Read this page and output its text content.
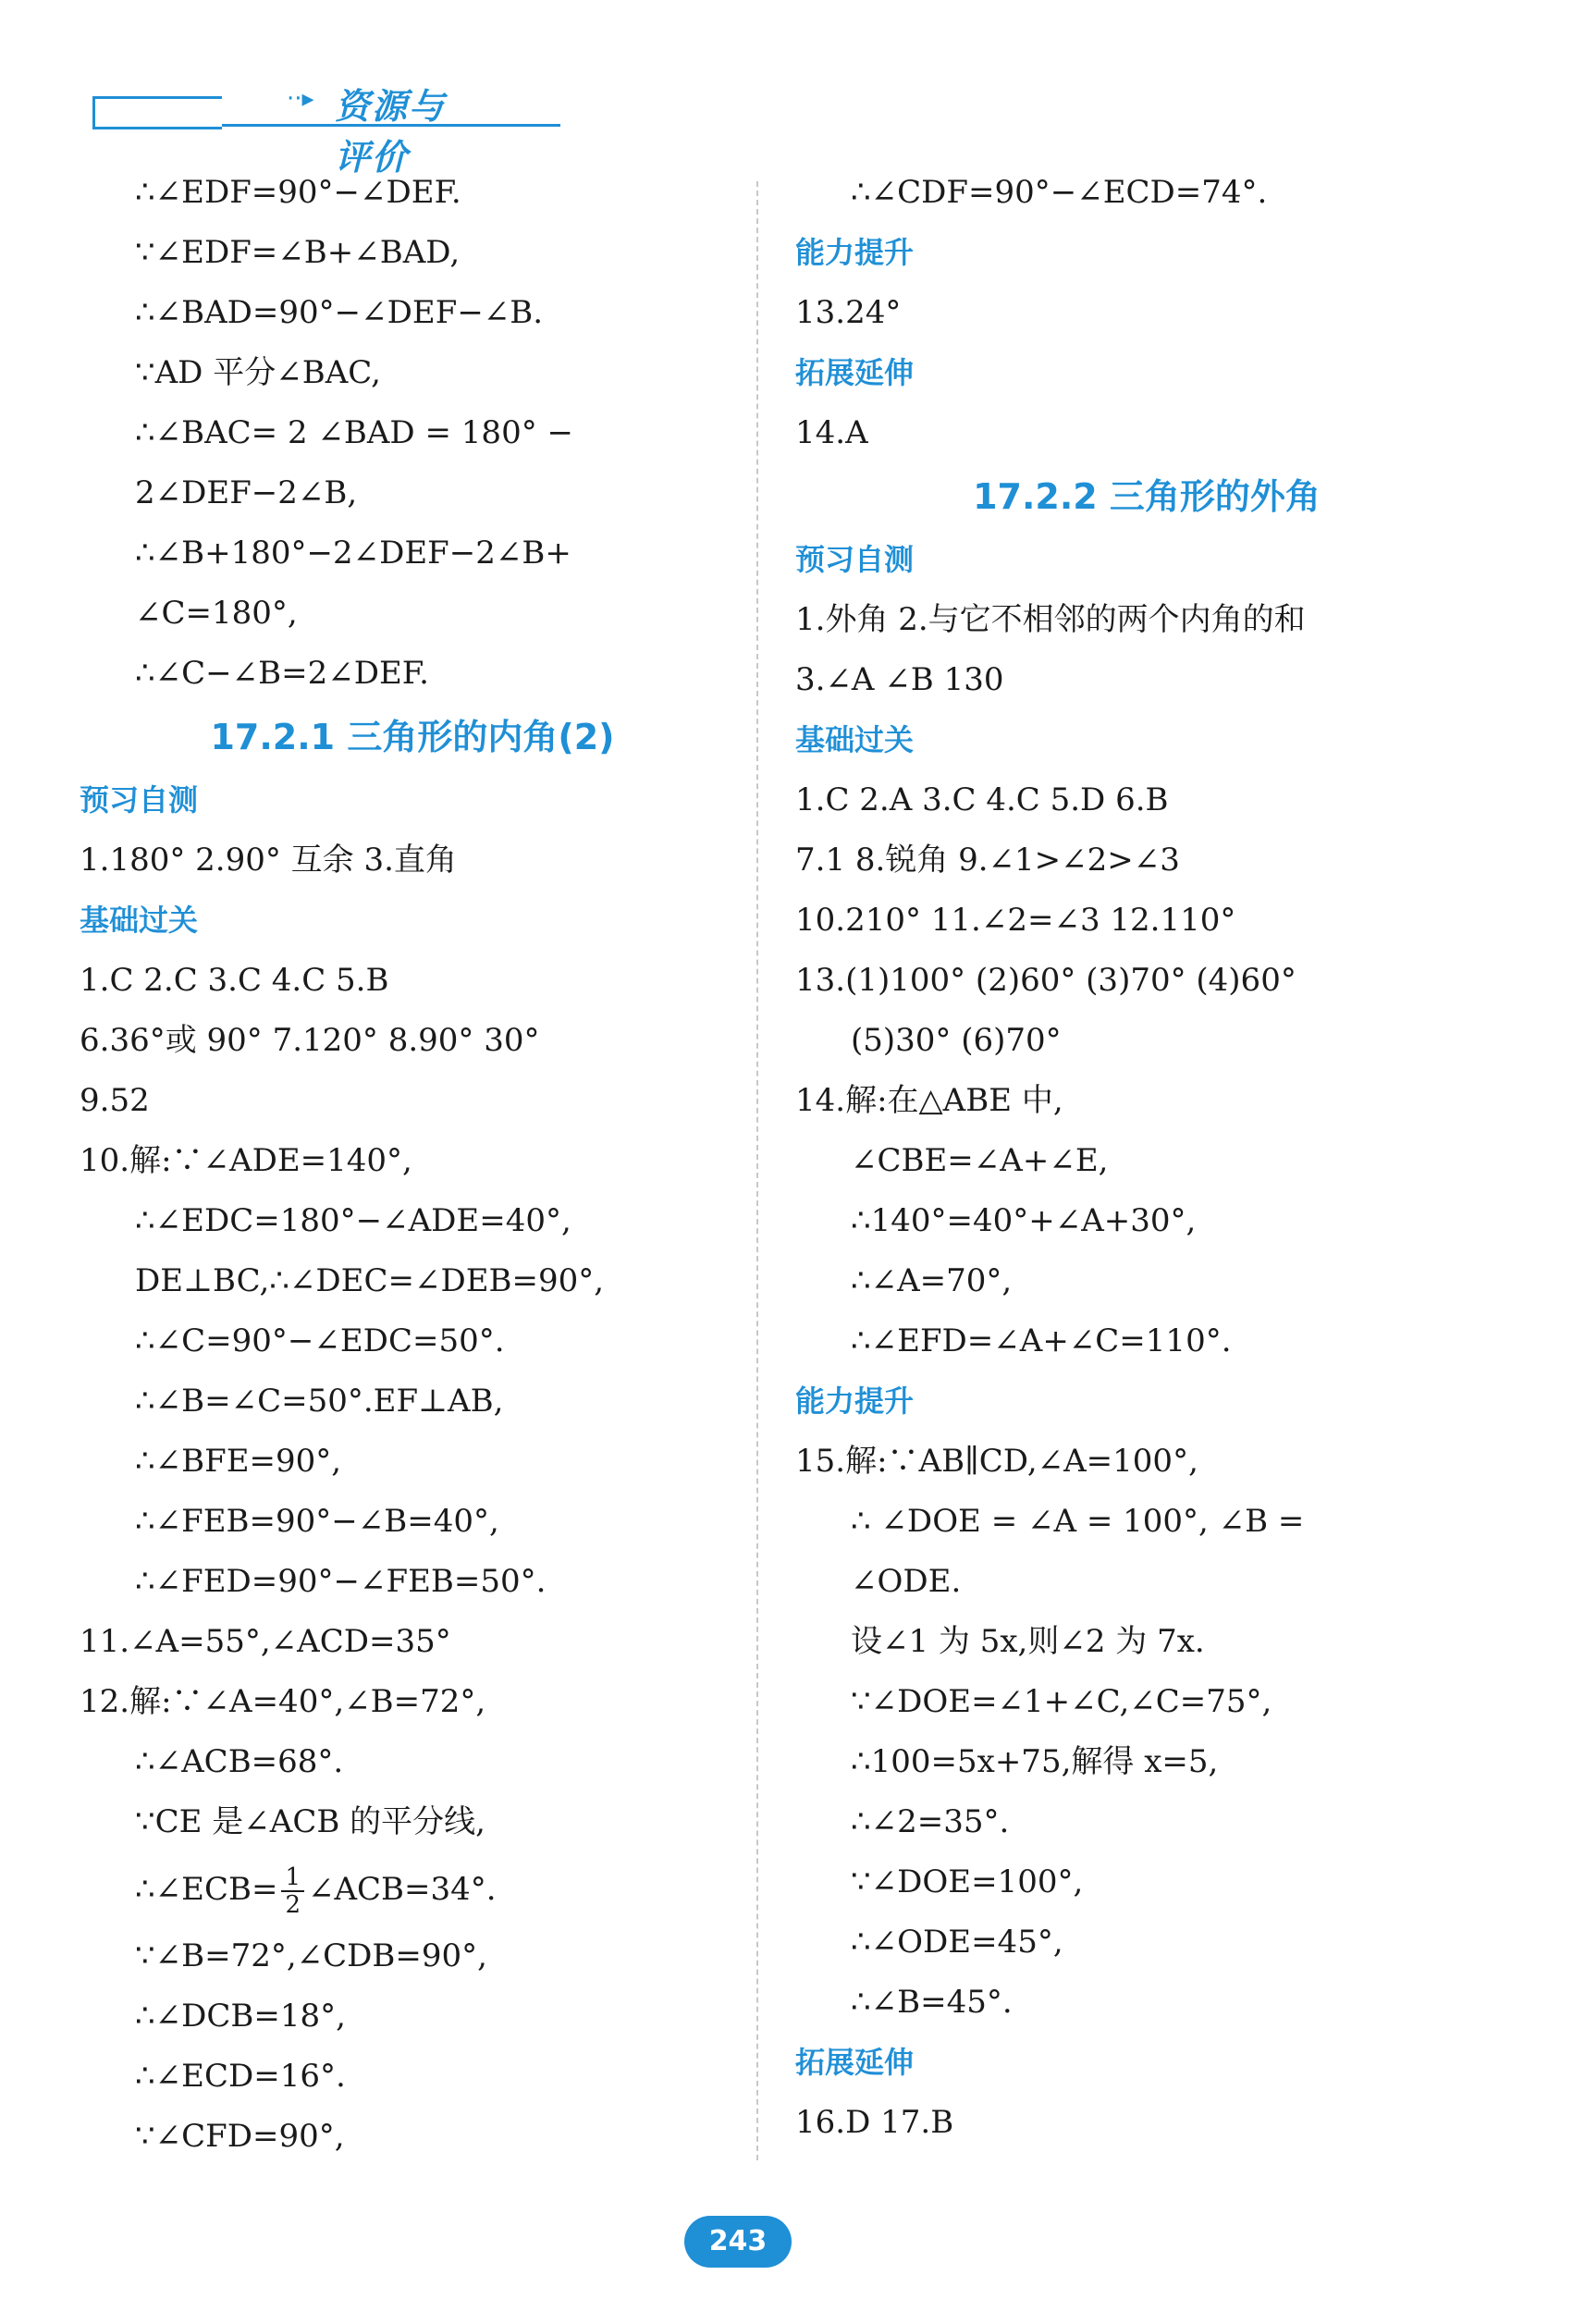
··▸ 资源与评价
∴∠EDF=90°−∠DEF.
∵∠EDF=∠B+∠BAD,
∴∠BAD=90°−∠DEF−∠B.
∵AD 平分∠BAC,
∴∠BAC= 2 ∠BAD = 180° −
2∠DEF−2∠B,
∴∠B+180°−2∠DEF−2∠B+
∠C=180°,
∴∠C−∠B=2∠DEF.
17.2.1 三角形的内角(2)
预习自测
1.180° 2.90° 互余 3.直角
基础过关
1.C 2.C 3.C 4.C 5.B
6.36°或 90° 7.120° 8.90° 30°
9.52
10.解:∵∠ADE=140°,
∴∠EDC=180°−∠ADE=40°,
DE⊥BC,∴∠DEC=∠DEB=90°,
∴∠C=90°−∠EDC=50°.
∴∠B=∠C=50°.EF⊥AB,
∴∠BFE=90°,
∴∠FEB=90°−∠B=40°,
∴∠FED=90°−∠FEB=50°.
11.∠A=55°,∠ACD=35°
12.解:∵∠A=40°,∠B=72°,
∴∠ACB=68°.
∵CE 是∠ACB 的平分线,
∴∠ECB= $\frac{1}{2}$ ∠ACB=34°.
∵∠B=72°,∠CDB=90°,
∴∠DCB=18°,
∴∠ECD=16°.
∵∠CFD=90°,
∴∠CDF=90°−∠ECD=74°.
能力提升
13.24°
拓展延伸
14.A
17.2.2 三角形的外角
预习自测
1.外角 2.与它不相邻的两个内角的和
3.∠A ∠B 130
基础过关
1.C 2.A 3.C 4.C 5.D 6.B
7.1 8.锐角 9.∠1>∠2>∠3
10.210° 11.∠2=∠3 12.110°
13.(1)100° (2)60° (3)70° (4)60°
(5)30° (6)70°
14.解:在△ABE 中,
∠CBE=∠A+∠E,
∴140°=40°+∠A+30°,
∴∠A=70°,
∴∠EFD=∠A+∠C=110°.
能力提升
15.解:∵AB∥CD,∠A=100°,
∴ ∠DOE = ∠A = 100°, ∠B =
∠ODE.
设∠1 为 5x,则∠2 为 7x.
∵∠DOE=∠1+∠C,∠C=75°,
∴100=5x+75,解得 x=5,
∴∠2=35°.
∵∠DOE=100°,
∴∠ODE=45°,
∴∠B=45°.
拓展延伸
16.D 17.B
243
